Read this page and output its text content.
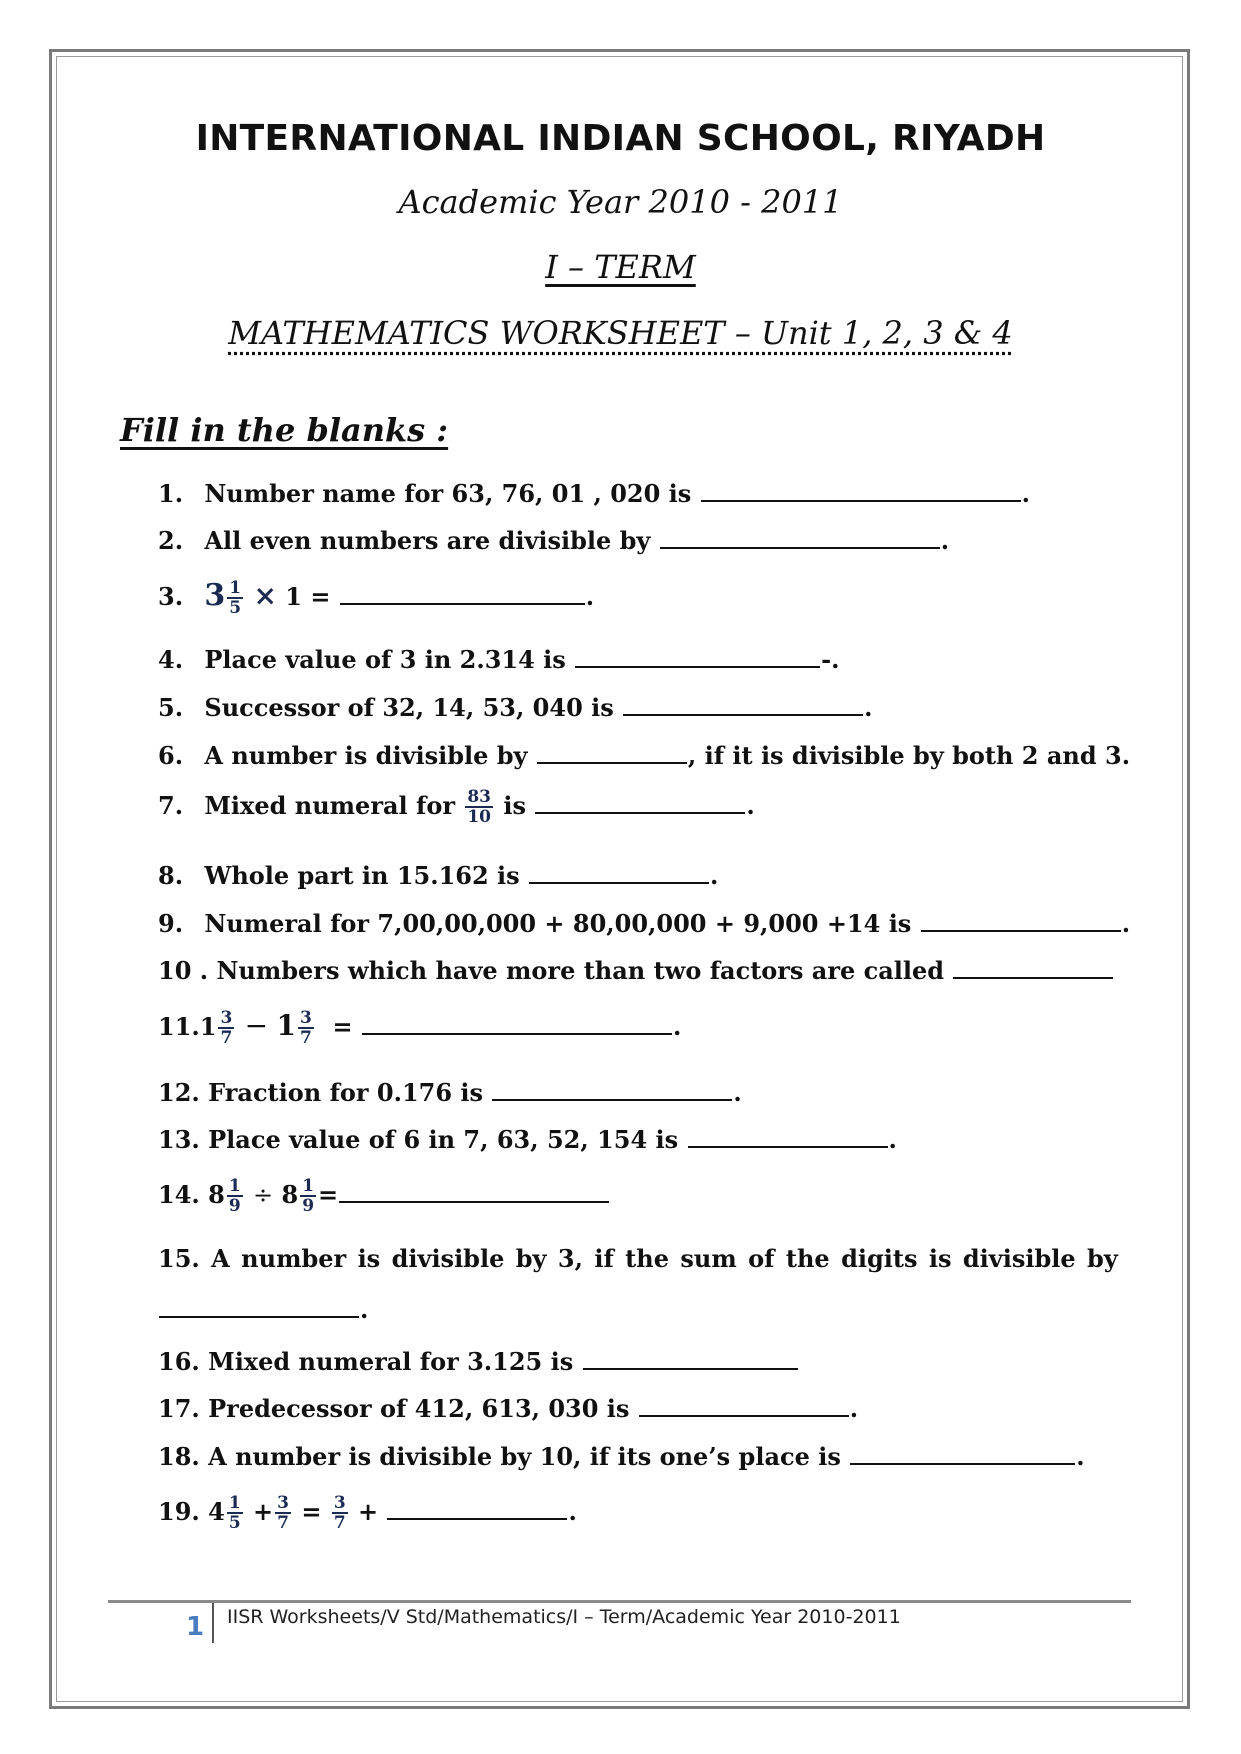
INTERNATIONAL INDIAN SCHOOL, RIYADH
Academic Year 2010 - 2011
I – TERM
MATHEMATICS WORKSHEET – Unit 1, 2, 3 & 4
Fill in the blanks :
1. Number name for 63, 76, 01 , 020 is	.
2. All even numbers are divisible by	.
3. $3 \frac{1}{5} \times 1$ =	.
4. Place value of 3 in 2.314 is	-.
5. Successor of 32, 14, 53, 040 is	.
6. A number is divisible by	, if it is divisible by both 2 and 3.
7. Mixed numeral for $\frac{83}{10}$ is	.
8. Whole part in 15.162 is	.
9. Numeral for 7,00,00,000 + 80,00,000 + 9,000 +14 is	.
10 . Numbers which have more than two factors are called
$11.1 \frac{3}{7} - 1 \frac{3}{7}$ =	.
12. Fraction for 0.176 is	.
13. Place value of 6 in 7, 63, 52, 154 is	.
14. $8 \frac{1}{9} \div 8 \frac{1}{9}$ =
15. A number is divisible by 3, if the sum of the digits is divisible by
.
16. Mixed numeral for 3.125 is
17. Predecessor of 412, 613, 030 is	.
18. A number is divisible by 10, if its one’s place is	.
19. $4 \frac{1}{5} + \frac{3}{7} = \frac{3}{7}$ +	.
1 IISR Worksheets/V Std/Mathematics/I – Term/Academic Year 2010-2011
